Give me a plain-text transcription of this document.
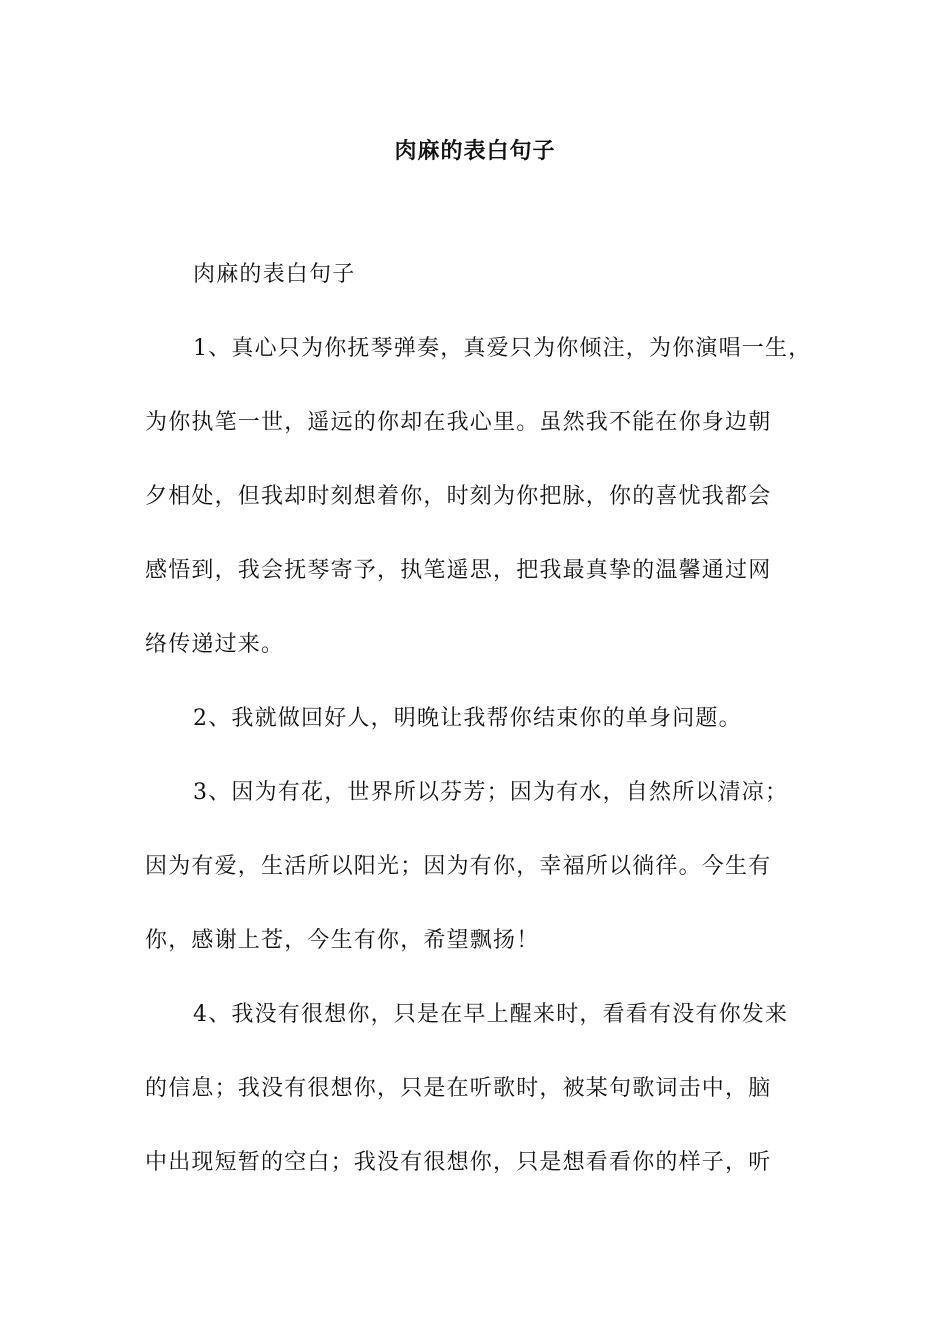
肉麻的表白句子
肉麻的表白句子
1、真心只为你抚琴弹奏，真爱只为你倾注，为你演唱一生，
为你执笔一世，遥远的你却在我心里。虽然我不能在你身边朝
夕相处，但我却时刻想着你，时刻为你把脉，你的喜忧我都会
感悟到，我会抚琴寄予，执笔遥思，把我最真挚的温馨通过网
络传递过来。
2、我就做回好人，明晚让我帮你结束你的单身问题。
3、因为有花，世界所以芬芳；因为有水，自然所以清凉；
因为有爱，生活所以阳光；因为有你，幸福所以徜徉。今生有
你，感谢上苍，今生有你，希望飘扬！
4、我没有很想你，只是在早上醒来时，看看有没有你发来
的信息；我没有很想你，只是在听歌时，被某句歌词击中，脑
中出现短暂的空白；我没有很想你，只是想看看你的样子，听
